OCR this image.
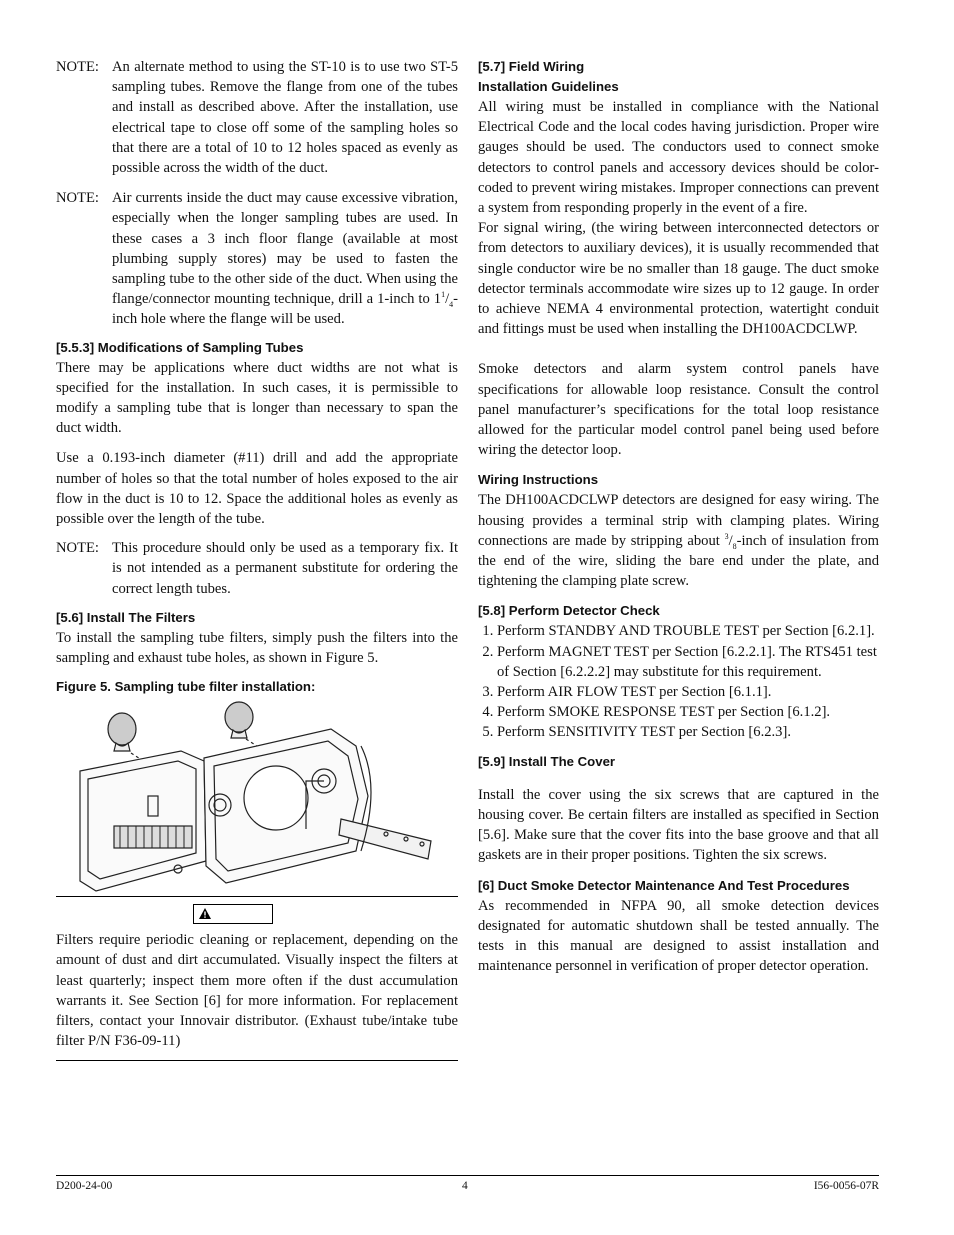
NOTE: An alternate method to using the ST-10 is to use two ST-5 sampling tubes. Remove the flange from one of the tubes and install as described above. After the installation, use electrical tape to close off some of the sampling holes so that there are a total of 10 to 12 holes spaced as evenly as possible across the width of the duct.
NOTE: Air currents inside the duct may cause excessive vibration, especially when the longer sampling tubes are used. In these cases a 3 inch floor flange (available at most plumbing supply stores) may be used to fasten the sampling tube to the other side of the duct. When using the flange/connector mounting technique, drill a 1-inch to $1^1/_4$-inch hole where the flange will be used.
[5.5.3] Modifications of Sampling Tubes

There may be applications where duct widths are not what is specified for the installation. In such cases, it is permissible to modify a sampling tube that is longer than necessary to span the duct width.

Use a 0.193-inch diameter (#11) drill and add the appropriate number of holes so that the total number of holes exposed to the air flow in the duct is 10 to 12. Space the additional holes as evenly as possible over the length of the tube.

NOTE: This procedure should only be used as a temporary fix. It is not intended as a permanent substitute for ordering the correct length tubes.
[5.6] Install The Filters

To install the sampling tube filters, simply push the filters into the sampling and exhaust tube holes, as shown in Figure 5.

Figure 5. Sampling tube filter installation:

Filters require periodic cleaning or replacement, depending on the amount of dust and dirt accumulated. Visually inspect the filters at least quarterly; inspect them more often if the dust accumulation warrants it. See Section [6] for more information. For replacement filters, contact your Innovair distributor. (Exhaust tube/intake tube filter P/N F36-09-11)

[5.7] Field Wiring
Installation Guidelines

All wiring must be installed in compliance with the National Electrical Code and the local codes having jurisdiction. Proper wire gauges should be used. The conductors used to connect smoke detectors to control panels and accessory devices should be color-coded to prevent wiring mistakes. Improper connections can prevent a system from responding properly in the event of a fire.

For signal wiring, (the wiring between interconnected detectors or from detectors to auxiliary devices), it is usually recommended that single conductor wire be no smaller than 18 gauge. The duct smoke detector terminals accommodate wire sizes up to 12 gauge. In order to achieve NEMA 4 environmental protection, watertight conduit and fittings must be used when installing the DH100ACDCLWP.

Smoke detectors and alarm system control panels have specifications for allowable loop resistance. Consult the control panel manufacturer’s specifications for the total loop resistance allowed for the particular model control panel being used before wiring the detector loop.

Wiring Instructions

The DH100ACDCLWP detectors are designed for easy wiring. The housing provides a terminal strip with clamping plates. Wiring connections are made by stripping about $^3/_8$-inch of insulation from the end of the wire, sliding the bare end under the plate, and tightening the clamping plate screw.

[5.8] Perform Detector Check
1. Perform STANDBY AND TROUBLE TEST per Section [6.2.1].
2. Perform MAGNET TEST per Section [6.2.2.1]. The RTS451 test of Section [6.2.2.2] may substitute for this requirement.
3. Perform AIR FLOW TEST per Section [6.1.1].
4. Perform SMOKE RESPONSE TEST per Section [6.1.2].
5. Perform SENSITIVITY TEST per Section [6.2.3].
[5.9] Install The Cover

Install the cover using the six screws that are captured in the housing cover. Be certain filters are installed as specified in Section [5.6]. Make sure that the cover fits into the base groove and that all gaskets are in their proper positions. Tighten the six screws.

[6] Duct Smoke Detector Maintenance And Test Procedures

As recommended in NFPA 90, all smoke detection devices designated for automatic shutdown shall be tested annually. The tests in this manual are designed to assist installation and maintenance personnel in verification of proper detector operation.

D200-24-00	4	I56-0056-07R
